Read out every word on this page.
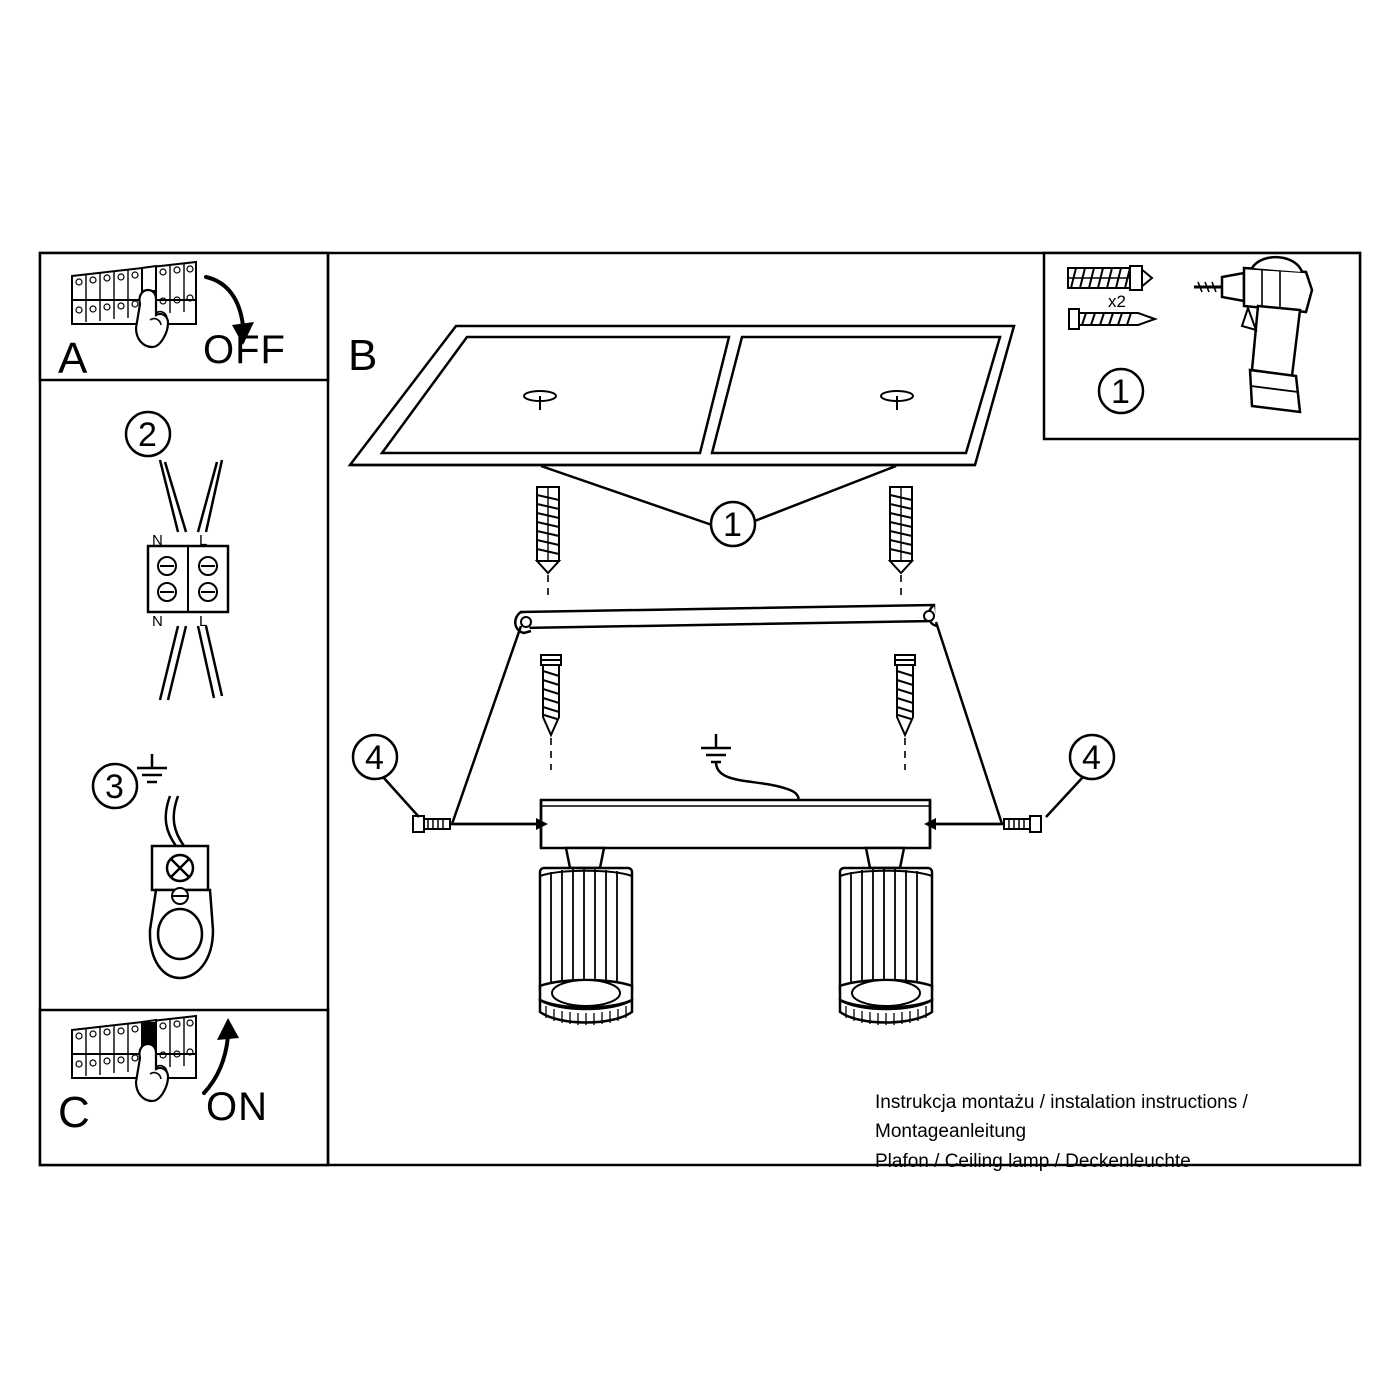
A	OFF B
C	ON
2
3
1
4	4
1
x2
N L
N L
Instrukcja montażu / instalation instructions / Montageanleitung
Plafon / Ceiling lamp / Deckenleuchte
